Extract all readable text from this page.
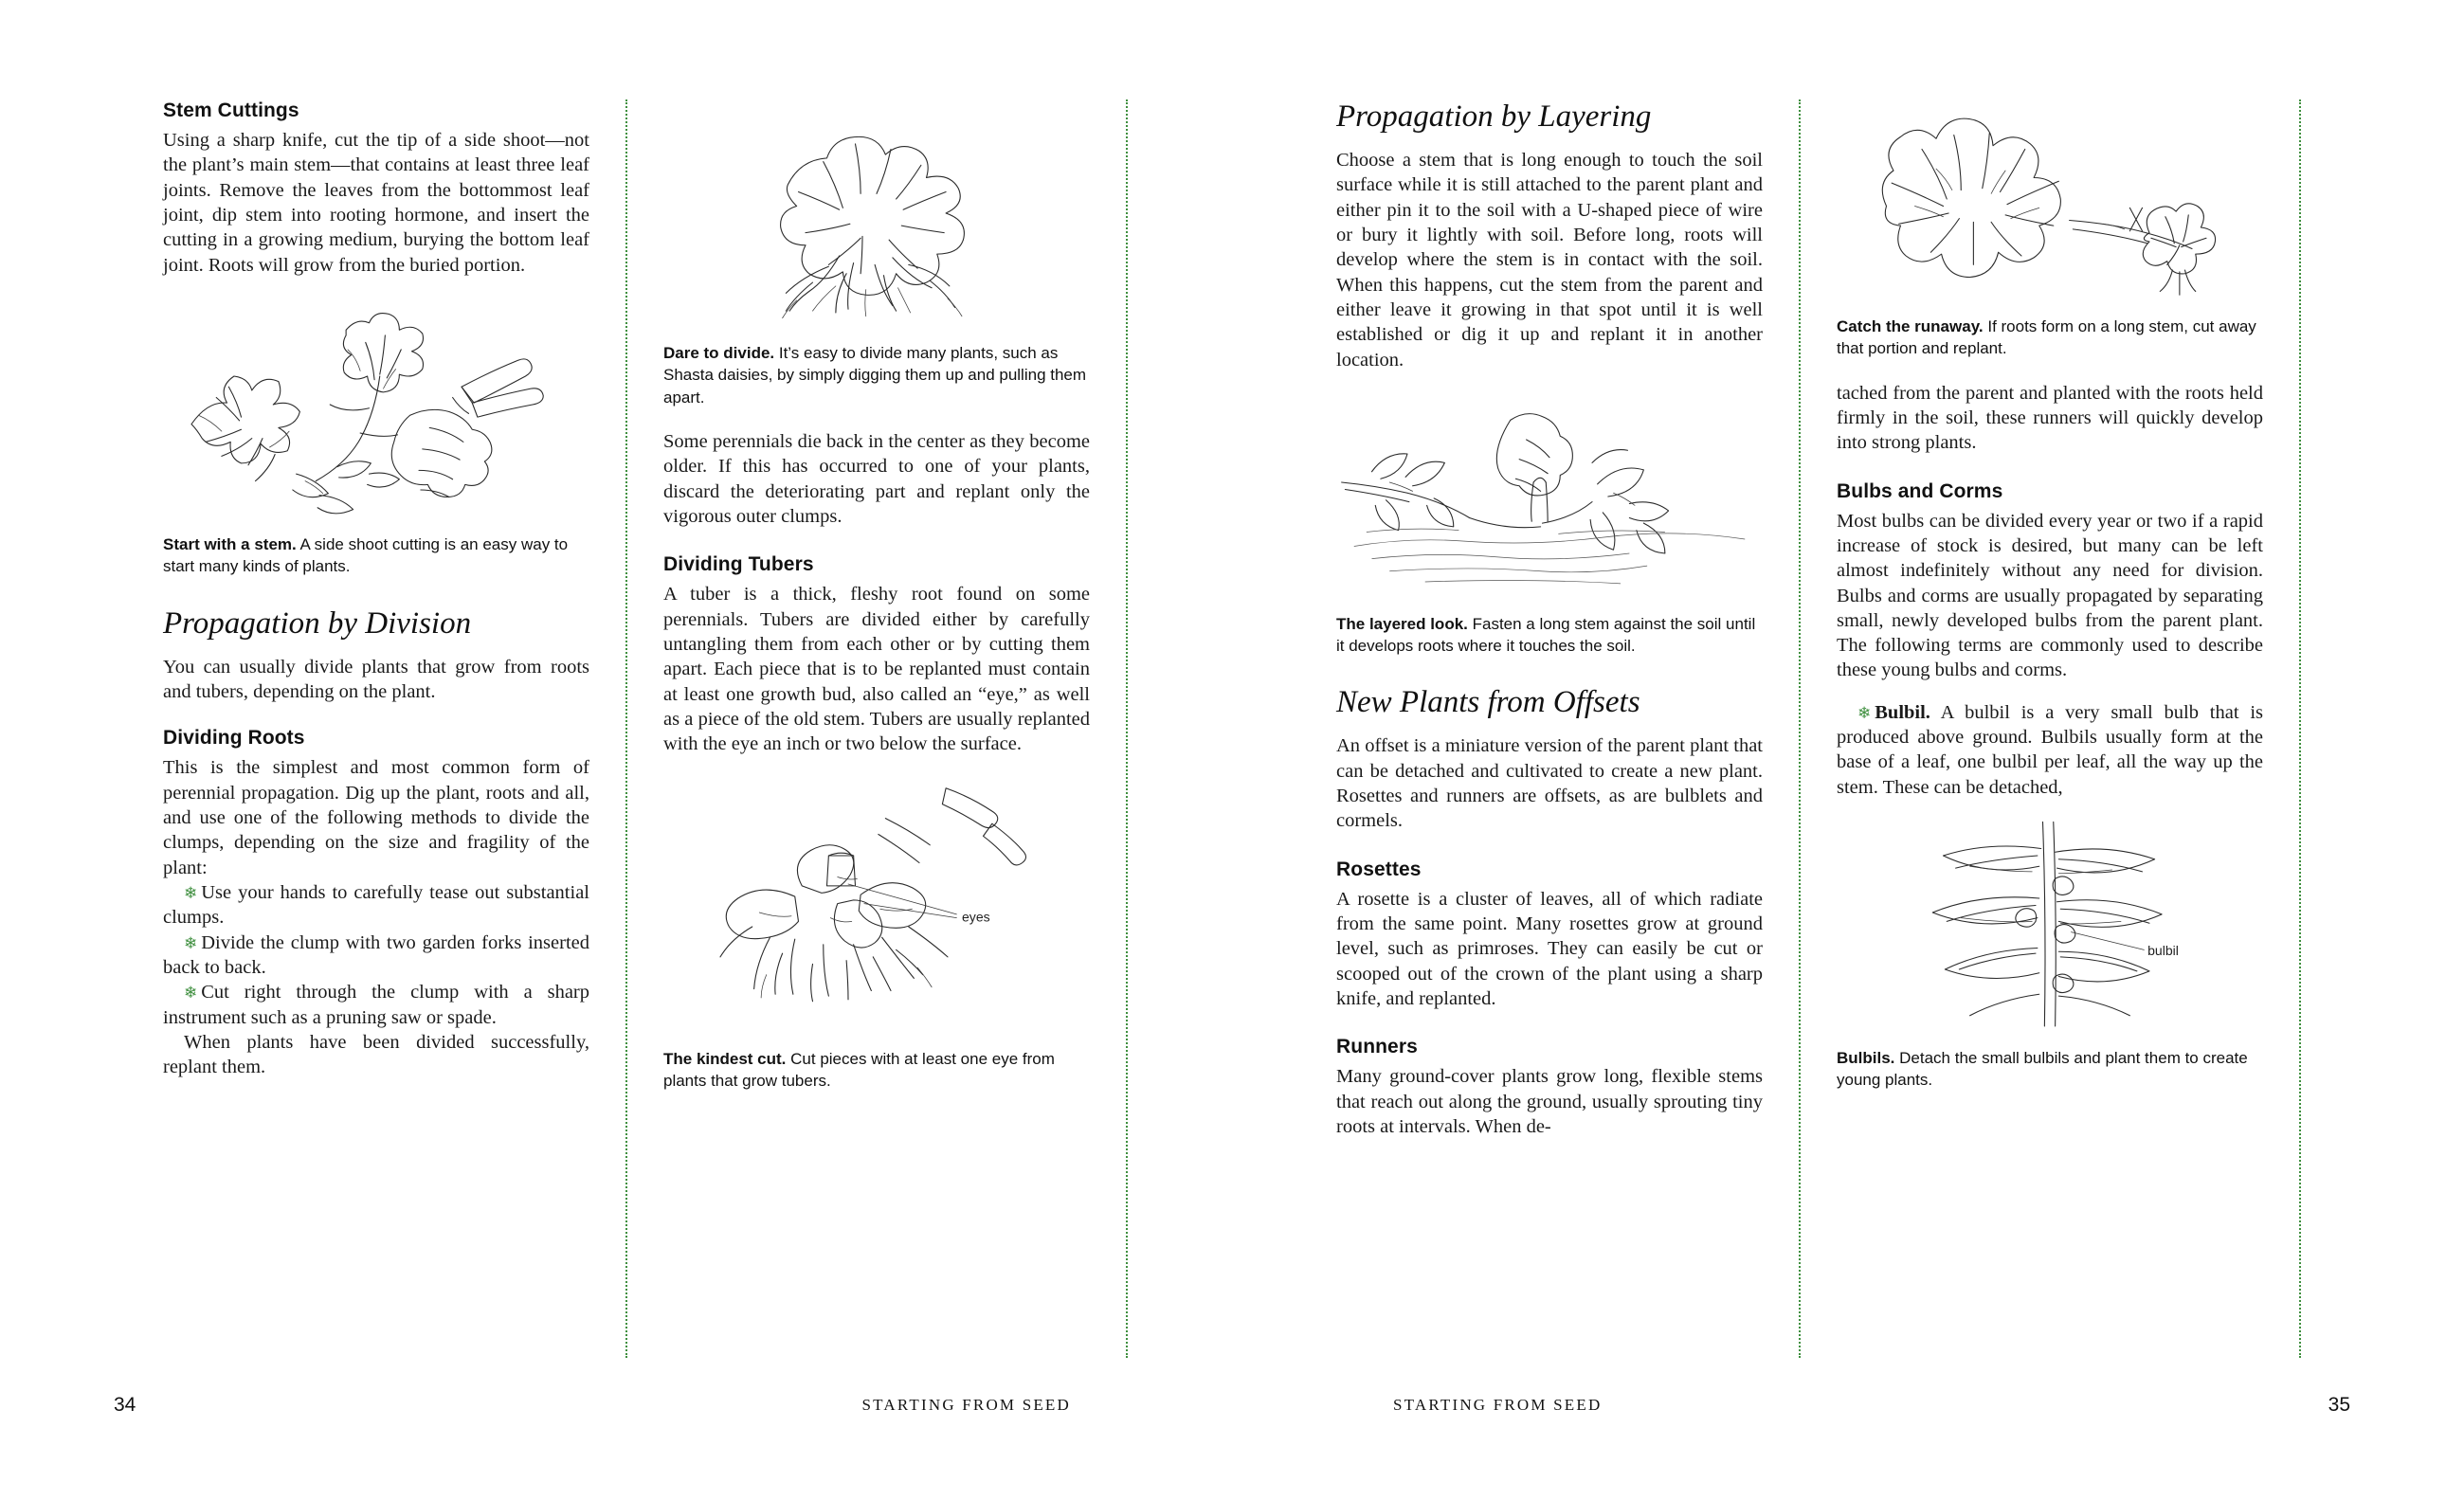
Stem Cuttings

Using a sharp knife, cut the tip of a side shoot—not the plant’s main stem—that contains at least three leaf joints. Remove the leaves from the bottommost leaf joint, dip stem into rooting hormone, and insert the cutting in a growing medium, burying the bottom leaf joint. Roots will grow from the buried portion.

Start with a stem. A side shoot cutting is an easy way to start many kinds of plants.

Propagation by Division

You can usually divide plants that grow from roots and tubers, depending on the plant.

Dividing Roots

This is the simplest and most common form of perennial propagation. Dig up the plant, roots and all, and use one of the following methods to divide the clumps, depending on the size and fragility of the plant:

❄ Use your hands to carefully tease out substantial clumps.

❄ Divide the clump with two garden forks inserted back to back.

❄ Cut right through the clump with a sharp instrument such as a pruning saw or spade.

When plants have been divided successfully, replant them.

Dare to divide. It’s easy to divide many plants, such as Shasta daisies, by simply digging them up and pulling them apart.

Some perennials die back in the center as they become older. If this has occurred to one of your plants, discard the deteriorating part and replant only the vigorous outer clumps.

Dividing Tubers

A tuber is a thick, fleshy root found on some perennials. Tubers are divided either by carefully untangling them from each other or by cutting them apart. Each piece that is to be replanted must contain at least one growth bud, also called an “eye,” as well as a piece of the old stem. Tubers are usually replanted with the eye an inch or two below the surface.

eyes

The kindest cut. Cut pieces with at least one eye from plants that grow tubers.

34	STARTING FROM SEED
Propagation by Layering

Choose a stem that is long enough to touch the soil surface while it is still attached to the parent plant and either pin it to the soil with a U-shaped piece of wire or bury it lightly with soil. Before long, roots will develop where the stem is in contact with the soil. When this happens, cut the stem from the parent and either leave it growing in that spot until it is well established or dig it up and replant it in another location.

The layered look. Fasten a long stem against the soil until it develops roots where it touches the soil.

New Plants from Offsets

An offset is a miniature version of the parent plant that can be detached and cultivated to create a new plant. Rosettes and runners are offsets, as are bulblets and cormels.

Rosettes

A rosette is a cluster of leaves, all of which radiate from the same point. Many rosettes grow at ground level, such as primroses. They can easily be cut or scooped out of the crown of the plant using a sharp knife, and replanted.

Runners

Many ground-cover plants grow long, flexible stems that reach out along the ground, usually sprouting tiny roots at intervals. When de-

Catch the runaway. If roots form on a long stem, cut away that portion and replant.

tached from the parent and planted with the roots held firmly in the soil, these runners will quickly develop into strong plants.

Bulbs and Corms

Most bulbs can be divided every year or two if a rapid increase of stock is desired, but many can be left almost indefinitely without any need for division. Bulbs and corms are usually propagated by separating small, newly developed bulbs from the parent plant. The following terms are commonly used to describe these young bulbs and corms.

❄ Bulbil. A bulbil is a very small bulb that is produced above ground. Bulbils usually form at the base of a leaf, one bulbil per leaf, all the way up the stem. These can be detached,

bulbil

Bulbils. Detach the small bulbils and plant them to create young plants.

35
STARTING FROM SEED
